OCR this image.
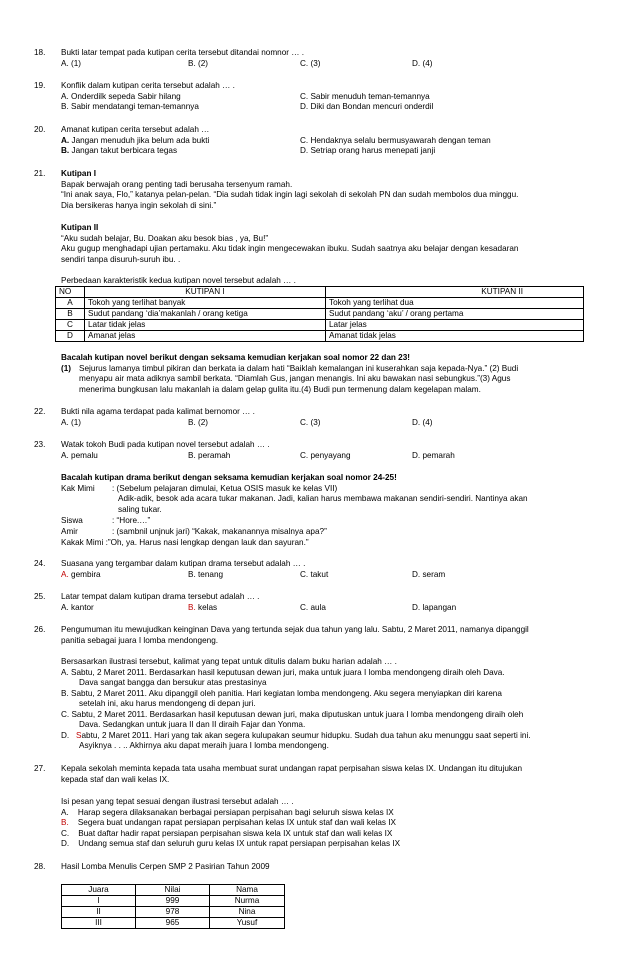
18. Bukti latar tempat pada kutipan cerita tersebut ditandai nomnor … .
A. (1)	B. (2)	C. (3)	D. (4)
19. Konflik dalam kutipan cerita tersebut adalah … .
A. Onderdilk sepeda Sabir hilang	C. Sabir menuduh teman-temannya
B. Sabir mendatangi teman-temannya	D. Diki dan Bondan mencuri onderdil
20. Amanat kutipan cerita tersebut adalah …
A. Jangan menuduh jika belum ada bukti	C. Hendaknya selalu bermusyawarah dengan teman
B. Jangan takut berbicara tegas	D. Setriap orang harus menepati janji
21. Kutipan I
Bapak berwajah orang penting tadi berusaha tersenyum ramah.
“Ini anak saya, Flo,” katanya pelan-pelan. “Dia sudah tidak ingin lagi sekolah di sekolah PN dan sudah membolos dua minggu.
Dia bersikeras hanya ingin sekolah di sini.”
Kutipan II
“Aku sudah belajar, Bu. Doakan aku besok bias , ya, Bu!”
Aku gugup menghadapi ujian pertamaku. Aku tidak ingin mengecewakan ibuku. Sudah saatnya aku belajar dengan kesadaran
sendiri tanpa disuruh-suruh ibu. .
Perbedaan karakteristik kedua kutipan novel tersebut adalah … .
NO	KUTIPAN I	KUTIPAN II
A	Tokoh yang terlihat banyak	Tokoh yang terlihat dua
B	Sudut pandang ‘dia’makanlah / orang ketiga	Sudut pandang ‘aku’ / orang pertama
C	Latar tidak jelas	Latar jelas
D	Amanat jelas	Amanat tidak jelas
Bacalah kutipan novel berikut dengan seksama kemudian kerjakan soal nomor 22 dan 23!
(1) Sejurus lamanya timbul pikiran dan berkata ia dalam hati “Baiklah kemalangan ini kuserahkan saja kepada-Nya.” (2) Budi
menyapu air mata adiknya sambil berkata. “Diamlah Gus, jangan menangis. Ini aku bawakan nasi sebungkus.”(3) Agus
menerima bungkusan lalu makanlah ia dalam gelap gulita itu.(4) Budi pun termenung dalam kegelapan malam.
22. Bukti nila agama terdapat pada kalimat bernomor … .
A. (1)	B. (2)	C. (3)	D. (4)
23. Watak tokoh Budi pada kutipan novel tersebut adalah … .
A. pemalu	B. peramah	C. penyayang	D. pemarah
Bacalah kutipan drama berikut dengan seksama kemudian kerjakan soal nomor 24-25!
Kak Mimi : (Sebelum pelajaran dimulai, Ketua OSIS masuk ke kelas VII)
Adik-adik, besok ada acara tukar makanan. Jadi, kalian harus membawa makanan sendiri-sendiri. Nantinya akan
saling tukar.
Siswa	: “Hore.…”
Amir	: (sambnil unjnuk jari) “Kakak, makanannya misalnya apa?”
Kakak Mimi :”Oh, ya. Harus nasi lengkap dengan lauk dan sayuran.”
24. Suasana yang tergambar dalam kutipan drama tersebut adalah … .
A. gembira	B. tenang	C. takut	D. seram
25. Latar tempat dalam kutipan drama tersebut adalah … .
A. kantor	B. kelas	C. aula	D. lapangan
26. Pengumuman itu mewujudkan keinginan Dava yang tertunda sejak dua tahun yang lalu. Sabtu, 2 Maret 2011, namanya dipanggil
panitia sebagai juara I lomba mendongeng.
Bersasarkan ilustrasi tersebut, kalimat yang tepat untuk ditulis dalam buku harian adalah … .
A. Sabtu, 2 Maret 2011. Berdasarkan hasil keputusan dewan juri, maka untuk juara I lomba mendongeng diraih oleh Dava.
Dava sangat bangga dan bersukur atas prestasinya
B. Sabtu, 2 Maret 2011. Aku dipanggil oleh panitia. Hari kegiatan lomba mendongeng. Aku segera menyiapkan diri karena
setelah ini, aku harus mendongeng di depan juri.
C. Sabtu, 2 Maret 2011. Berdasarkan hasil keputusan dewan juri, maka diputuskan untuk juara I lomba mendongeng diraih oleh
Dava. Sedangkan untuk juara II dan II diraih Fajar dan Yonma.
D.   Sabtu, 2 Maret 2011. Hari yang tak akan segera kulupakan seumur hidupku. Sudah dua tahun aku menunggu saat seperti ini.
Asyiknya . . .. Akhirnya aku dapat meraih juara I lomba mendongeng.
27. Kepala sekolah meminta kepada tata usaha membuat surat undangan rapat perpisahan siswa kelas IX. Undangan itu ditujukan
kepada staf dan wali kelas IX.
Isi pesan yang tepat sesuai dengan ilustrasi tersebut adalah … .
A.    Harap segera dilaksanakan berbagai persiapan perpisahan bagi seluruh siswa kelas IX
B.    Segera buat undangan rapat persiapan perpisahan kelas IX untuk staf dan wali kelas IX
C.    Buat daftar hadir rapat persiapan perpisahan siswa kela IX untuk staf dan wali kelas IX
D.    Undang semua staf dan seluruh guru kelas IX untuk rapat persiapan perpisahan kelas IX
28. Hasil Lomba Menulis Cerpen SMP 2 Pasirian Tahun 2009
Juara	Nilai	Nama
I	999	Nurma
II	978	Nina
III	965	Yusuf
